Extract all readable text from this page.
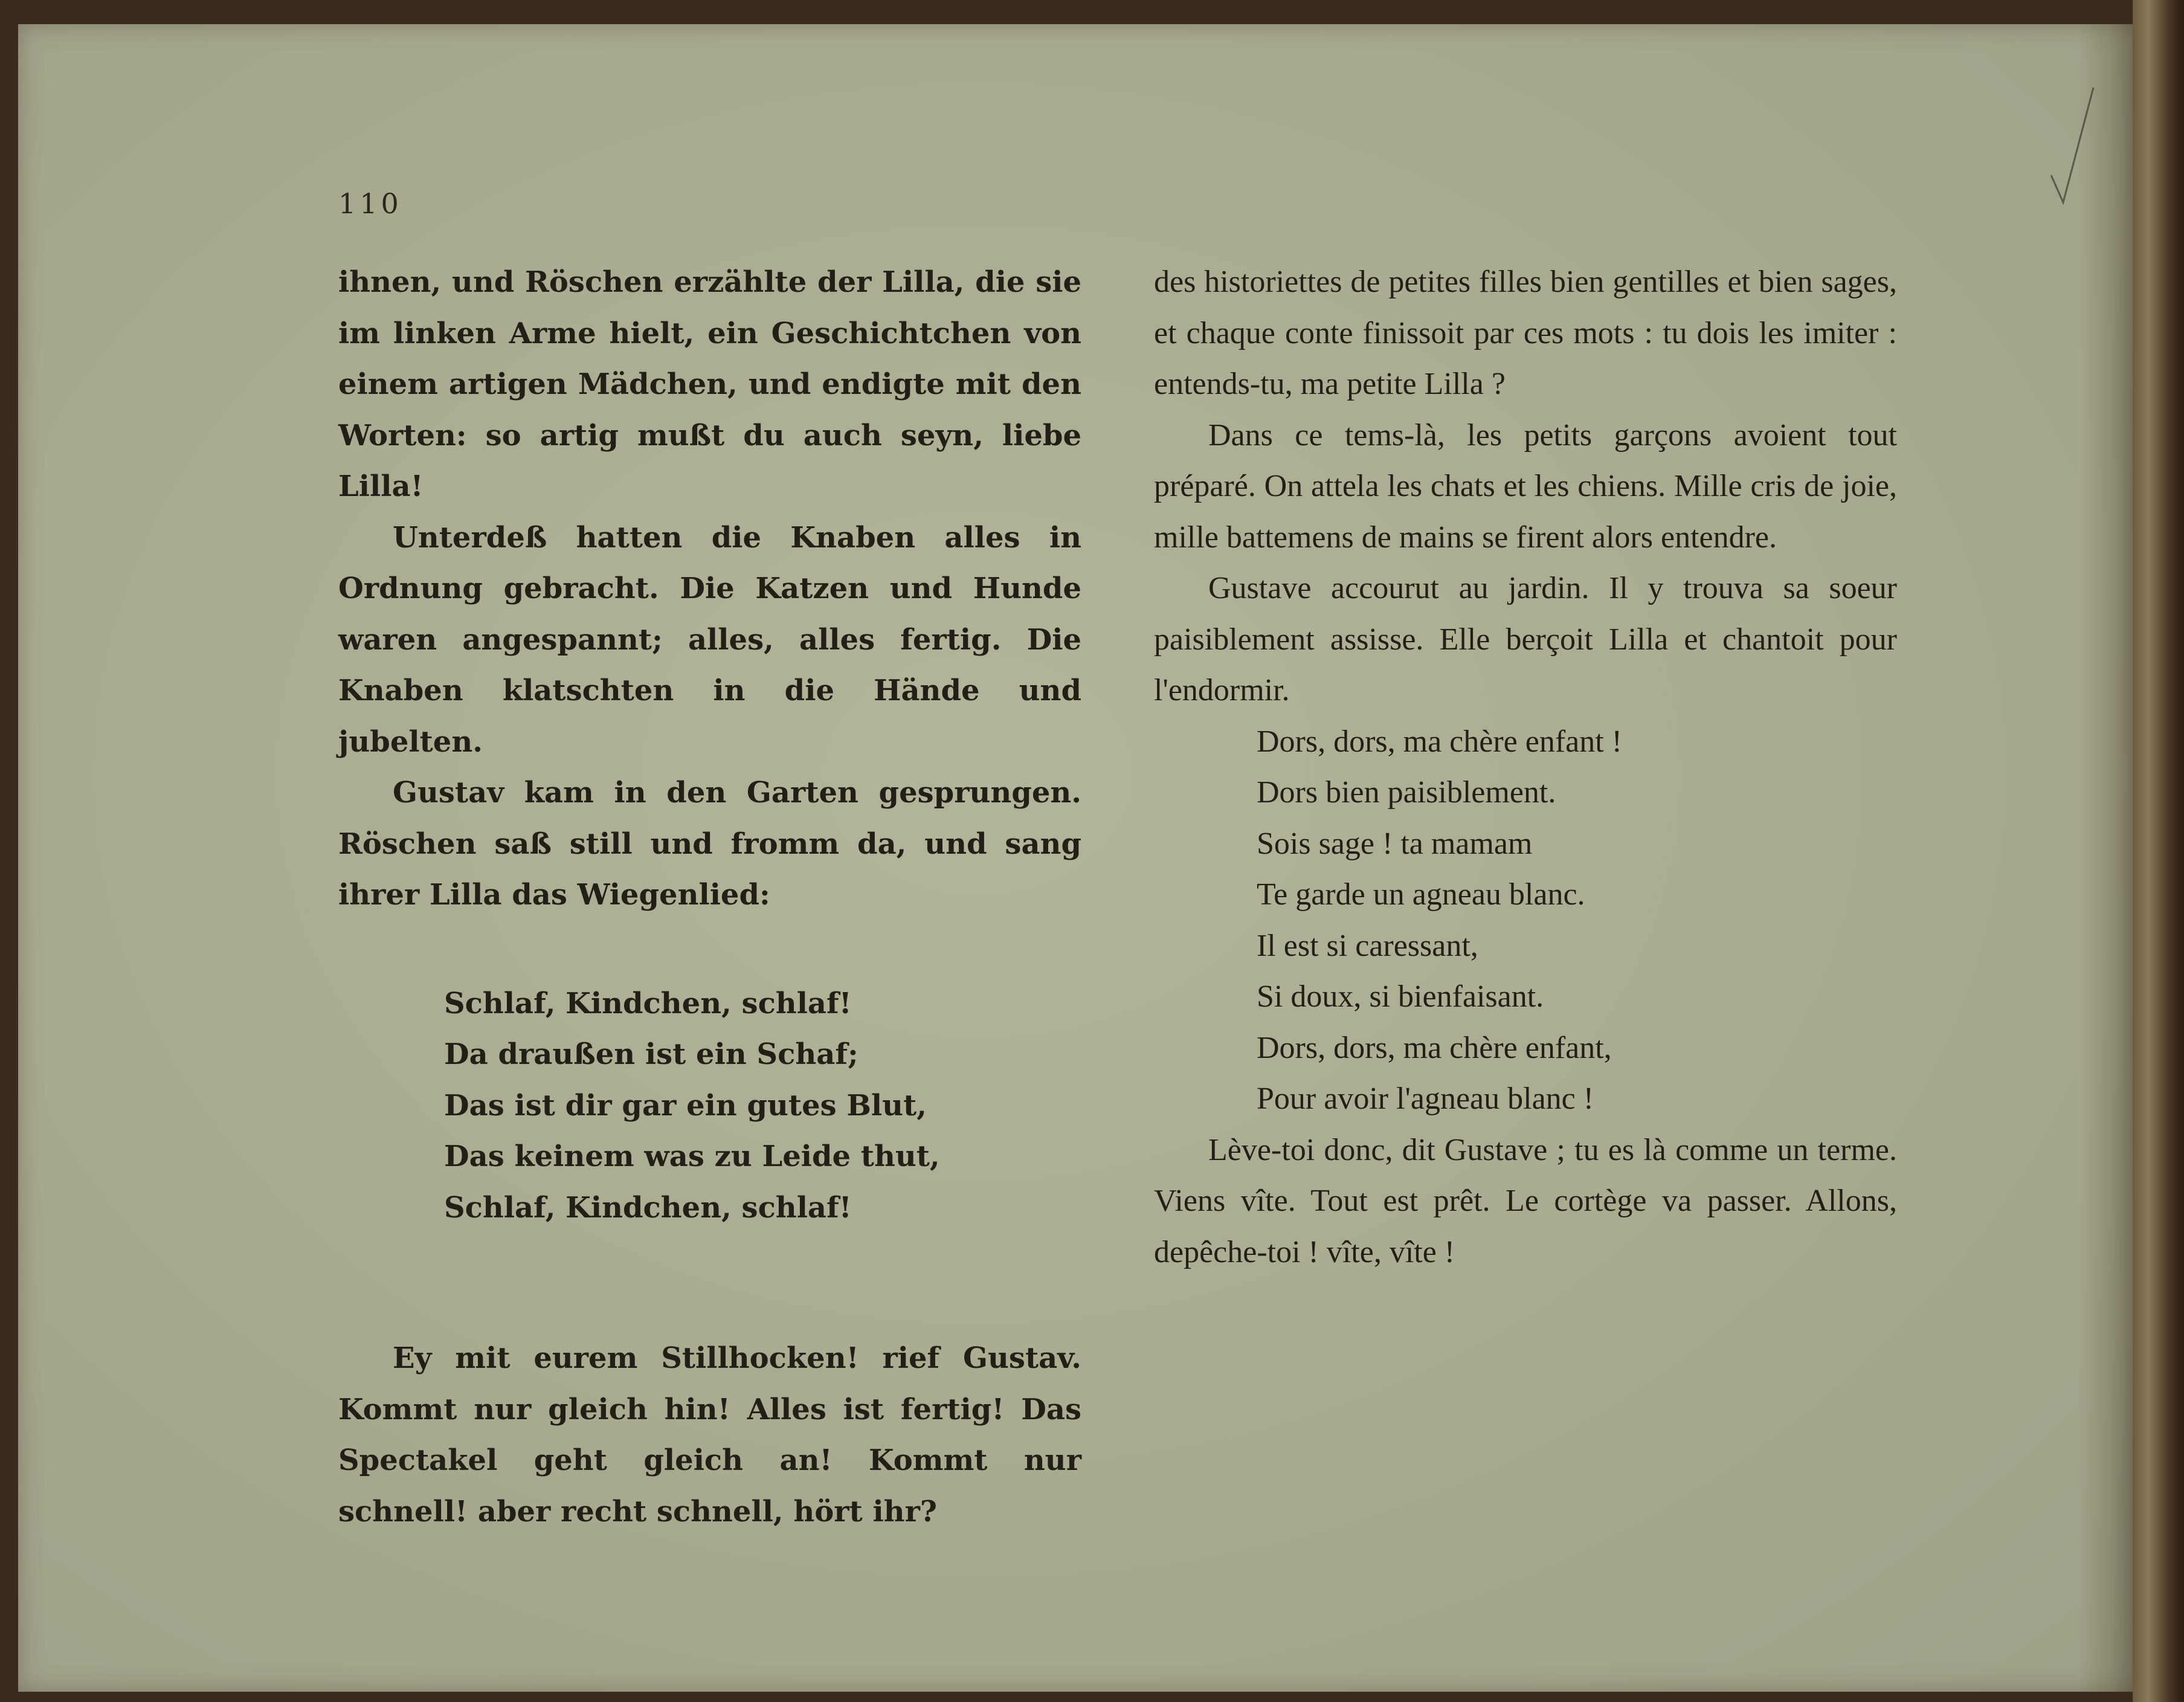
110

ihnen, und Röschen erzählte der Lilla, die sie im linken Arme hielt, ein Geschichtchen von einem artigen Mädchen, und endigte mit den Worten: so artig mußt du auch seyn, liebe Lilla!

Unterdeß hatten die Knaben alles in Ordnung gebracht. Die Katzen und Hunde waren angespannt; alles, alles fertig. Die Knaben klatschten in die Hände und jubelten.

Gustav kam in den Garten gesprungen. Röschen saß still und fromm da, und sang ihrer Lilla das Wiegenlied:

Schlaf, Kindchen, schlaf!
Da draußen ist ein Schaf;
Das ist dir gar ein gutes Blut,
Das keinem was zu Leide thut,
Schlaf, Kindchen, schlaf!

Ey mit eurem Stillhocken! rief Gustav. Kommt nur gleich hin! Alles ist fertig! Das Spectakel geht gleich an! Kommt nur schnell! aber recht schnell, hört ihr?

des historiettes de petites filles bien gentilles et bien sages, et chaque conte finissoit par ces mots : tu dois les imiter : entends-tu, ma petite Lilla ?

Dans ce tems-là, les petits garçons avoient tout préparé. On attela les chats et les chiens. Mille cris de joie, mille battemens de mains se firent alors entendre.

Gustave accourut au jardin. Il y trouva sa soeur paisiblement assisse. Elle berçoit Lilla et chantoit pour l'endormir.

Dors, dors, ma chère enfant !
Dors bien paisiblement.
Sois sage ! ta mamam
Te garde un agneau blanc.
Il est si caressant,
Si doux, si bienfaisant.
Dors, dors, ma chère enfant,
Pour avoir l'agneau blanc !

Lève-toi donc, dit Gustave ; tu es là comme un terme. Viens vîte. Tout est prêt. Le cortège va passer. Allons, depêche-toi ! vîte, vîte !
